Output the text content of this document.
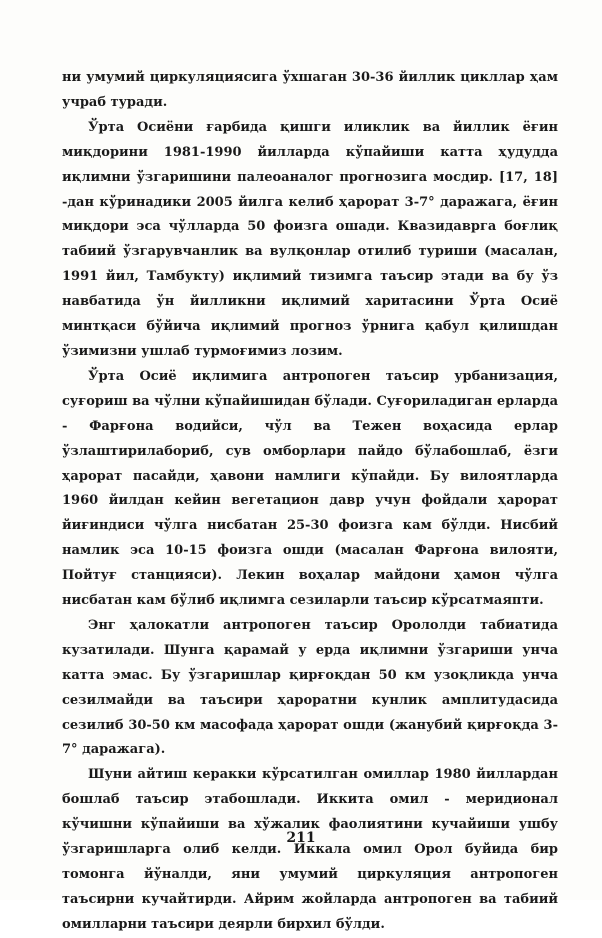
ни умумий циркуляциясига ўхшаган 30-36 йиллик цикллар ҳам учраб туради.

Ўрта Осиёни ғарбида қишги иликлик ва йиллик ёғин миқдорини 1981-1990 йилларда кўпайиши катта ҳудудда иқлимни ўзгаришини палеоаналог прогнозига мосдир. [17, 18] -дан кўринадики 2005 йилга келиб ҳарорат 3-7° даражага, ёғин миқдори эса чўлларда 50 фоизга ошади. Квазидаврга боғлиқ табиий ўзгарувчанлик ва вулқонлар отилиб туриши (масалан, 1991 йил, Тамбукту) иқлимий тизимга таъсир этади ва бу ўз навбатида ўн йилликни иқлимий харитасини Ўрта Осиё минтқаси бўйича иқлимий прогноз ўрнига қабул қилишдан ўзимизни ушлаб турмоғимиз лозим.

Ўрта Осиё иқлимига антропоген таъсир урбанизация, суғориш ва чўлни кўпайишидан бўлади. Суғориладиган ерларда - Фарғона водийси, чўл ва Тежен воҳасида ерлар ўзлаштирилабориб, сув омборлари пайдо бўлабошлаб, ёзги ҳарорат пасайди, ҳавони намлиги кўпайди. Бу вилоятларда 1960 йилдан кейин вегетацион давр учун фойдали ҳарорат йиғиндиси чўлга нисбатан 25-30 фоизга кам бўлди. Нисбий намлик эса 10-15 фоизга ошди (масалан Фарғона вилояти, Пойтуғ станцияси). Лекин воҳалар майдони ҳамон чўлга нисбатан кам бўлиб иқлимга сезиларли таъсир кўрсатмаяпти.

Энг ҳалокатли антропоген таъсир Орололди табиатида кузатилади. Шунга қарамай у ерда иқлимни ўзгариши унча катта эмас. Бу ўзгаришлар қирғоқдан 50 км узоқликда унча сезилмайди ва таъсири ҳароратни кунлик амплитудасида сезилиб 30-50 км масофада ҳарорат ошди (жанубий қирғоқда 3-7° даражага).

Шуни айтиш керакки кўрсатилган омиллар 1980 йиллардан бошлаб таъсир этабошлади. Иккита омил - меридионал кўчишни кўпайиши ва хўжалик фаолиятини кучайиши ушбу ўзгаришларга олиб келди. Иккала омил Орол буйида бир томонга йўналди, яни умумий циркуляция антропоген таъсирни кучайтирди. Айрим жойларда антропоген ва табиий омилларни таъсири деярли бирхил бўлди.

211
